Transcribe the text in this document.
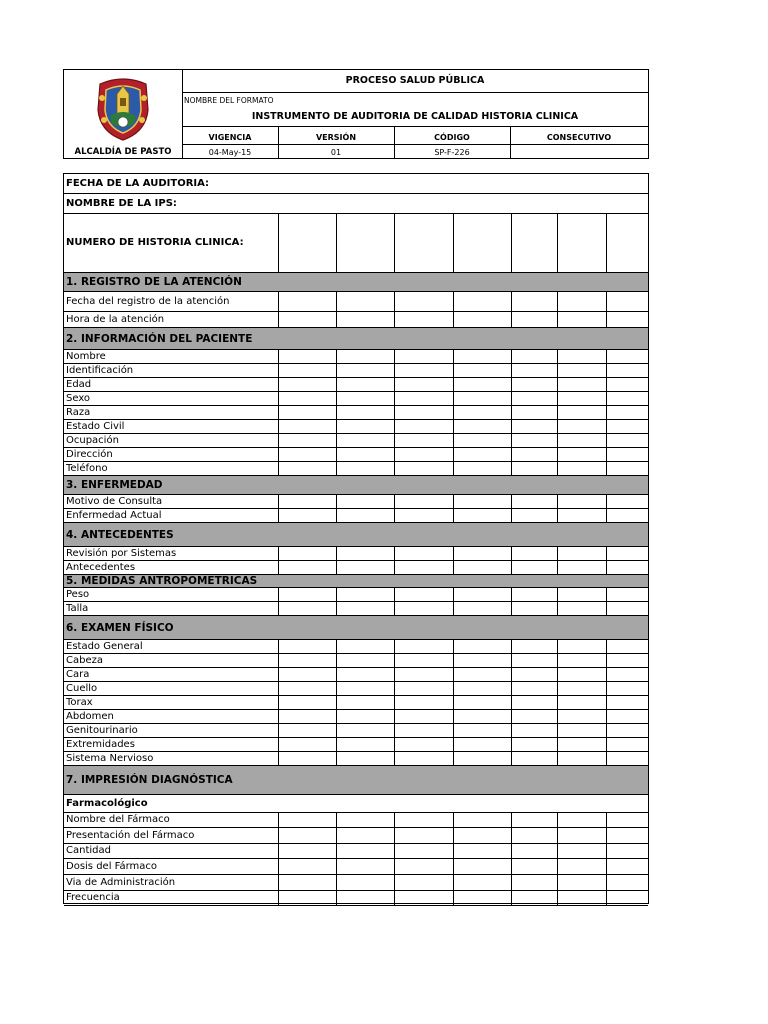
ALCALDÍA DE PASTO
PROCESO SALUD PÚBLICA
NOMBRE DEL FORMATO
INSTRUMENTO DE AUDITORIA DE CALIDAD HISTORIA CLINICA
VIGENCIA	VERSIÓN	CÓDIGO	CONSECUTIVO
04-May-15	01	SP-F-226
FECHA DE LA AUDITORIA:
NOMBRE DE LA IPS:
NUMERO DE HISTORIA CLINICA:
1. REGISTRO DE LA ATENCIÓN
Fecha del registro de la atención
Hora de la atención
2. INFORMACIÓN DEL PACIENTE
Nombre
Identificación
Edad
Sexo
Raza
Estado Civil
Ocupación
Dirección
Teléfono
3. ENFERMEDAD
Motivo de Consulta
Enfermedad Actual
4. ANTECEDENTES
Revisión por Sistemas
Antecedentes
5. MEDIDAS ANTROPOMETRICAS
Peso
Talla
6. EXAMEN FÍSICO
Estado General
Cabeza
Cara
Cuello
Torax
Abdomen
Genitourinario
Extremidades
Sistema Nervioso
7. IMPRESIÓN DIAGNÓSTICA
Farmacológico
Nombre del Fármaco
Presentación del Fármaco
Cantidad
Dosis del Fármaco
Via de Administración
Frecuencia
